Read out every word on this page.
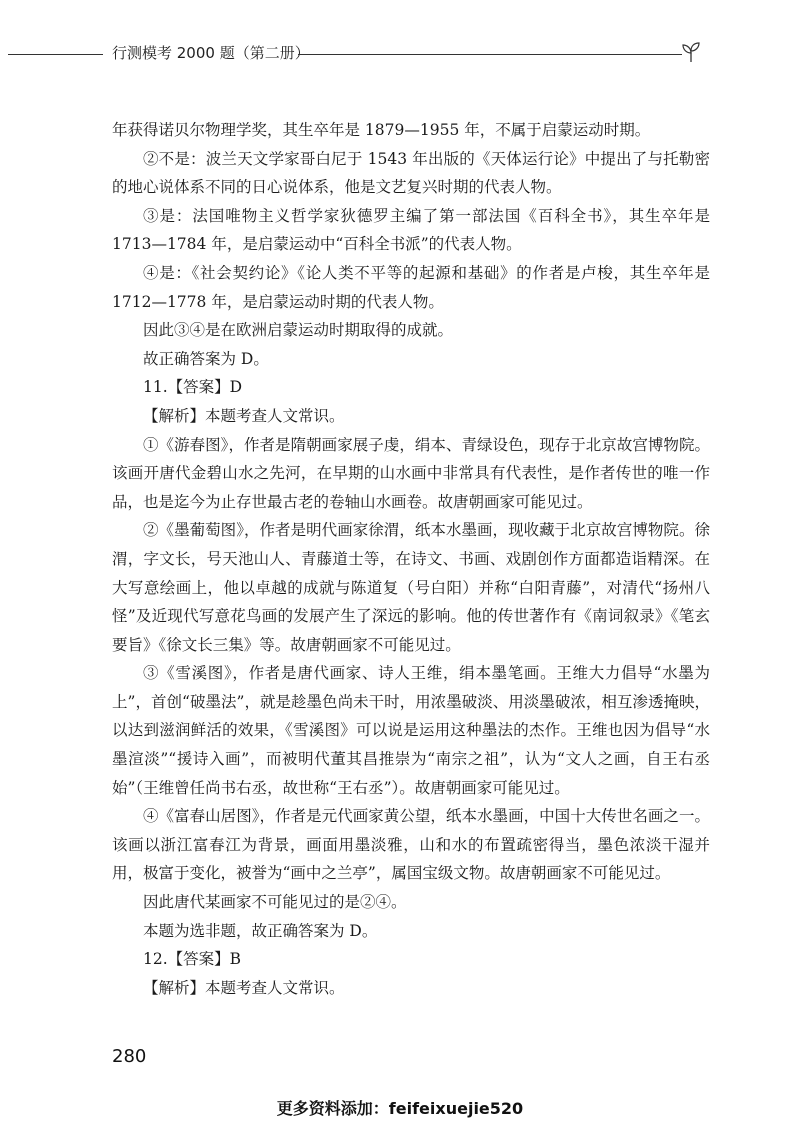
行测模考 2000 题（第二册）

年获得诺贝尔物理学奖，其生卒年是 1879—1955 年，不属于启蒙运动时期。

②不是：波兰天文学家哥白尼于 1543 年出版的《天体运行论》中提出了与托勒密的地心说体系不同的日心说体系，他是文艺复兴时期的代表人物。

③是：法国唯物主义哲学家狄德罗主编了第一部法国《百科全书》，其生卒年是 1713—1784 年，是启蒙运动中“百科全书派”的代表人物。

④是：《社会契约论》《论人类不平等的起源和基础》的作者是卢梭，其生卒年是 1712—1778 年，是启蒙运动时期的代表人物。

因此③④是在欧洲启蒙运动时期取得的成就。

故正确答案为 D。

11.【答案】D

【解析】本题考查人文常识。

①《游春图》，作者是隋朝画家展子虔，绢本、青绿设色，现存于北京故宫博物院。该画开唐代金碧山水之先河，在早期的山水画中非常具有代表性，是作者传世的唯一作品，也是迄今为止存世最古老的卷轴山水画卷。故唐朝画家可能见过。

②《墨葡萄图》，作者是明代画家徐渭，纸本水墨画，现收藏于北京故宫博物院。徐渭，字文长，号天池山人、青藤道士等，在诗文、书画、戏剧创作方面都造诣精深。在大写意绘画上，他以卓越的成就与陈道复（号白阳）并称“白阳青藤”，对清代“扬州八怪”及近现代写意花鸟画的发展产生了深远的影响。他的传世著作有《南词叙录》《笔玄要旨》《徐文长三集》等。故唐朝画家不可能见过。

③《雪溪图》，作者是唐代画家、诗人王维，绢本墨笔画。王维大力倡导“水墨为上”，首创“破墨法”，就是趁墨色尚未干时，用浓墨破淡、用淡墨破浓，相互渗透掩映，以达到滋润鲜活的效果，《雪溪图》可以说是运用这种墨法的杰作。王维也因为倡导“水墨渲淡”“援诗入画”，而被明代董其昌推崇为“南宗之祖”，认为“文人之画，自王右丞始”（王维曾任尚书右丞，故世称“王右丞”）。故唐朝画家可能见过。

④《富春山居图》，作者是元代画家黄公望，纸本水墨画，中国十大传世名画之一。该画以浙江富春江为背景，画面用墨淡雅，山和水的布置疏密得当，墨色浓淡干湿并用，极富于变化，被誉为“画中之兰亭”，属国宝级文物。故唐朝画家不可能见过。

因此唐代某画家不可能见过的是②④。

本题为选非题，故正确答案为 D。

12.【答案】B

【解析】本题考查人文常识。

280
更多资料添加：feifeixuejie520
